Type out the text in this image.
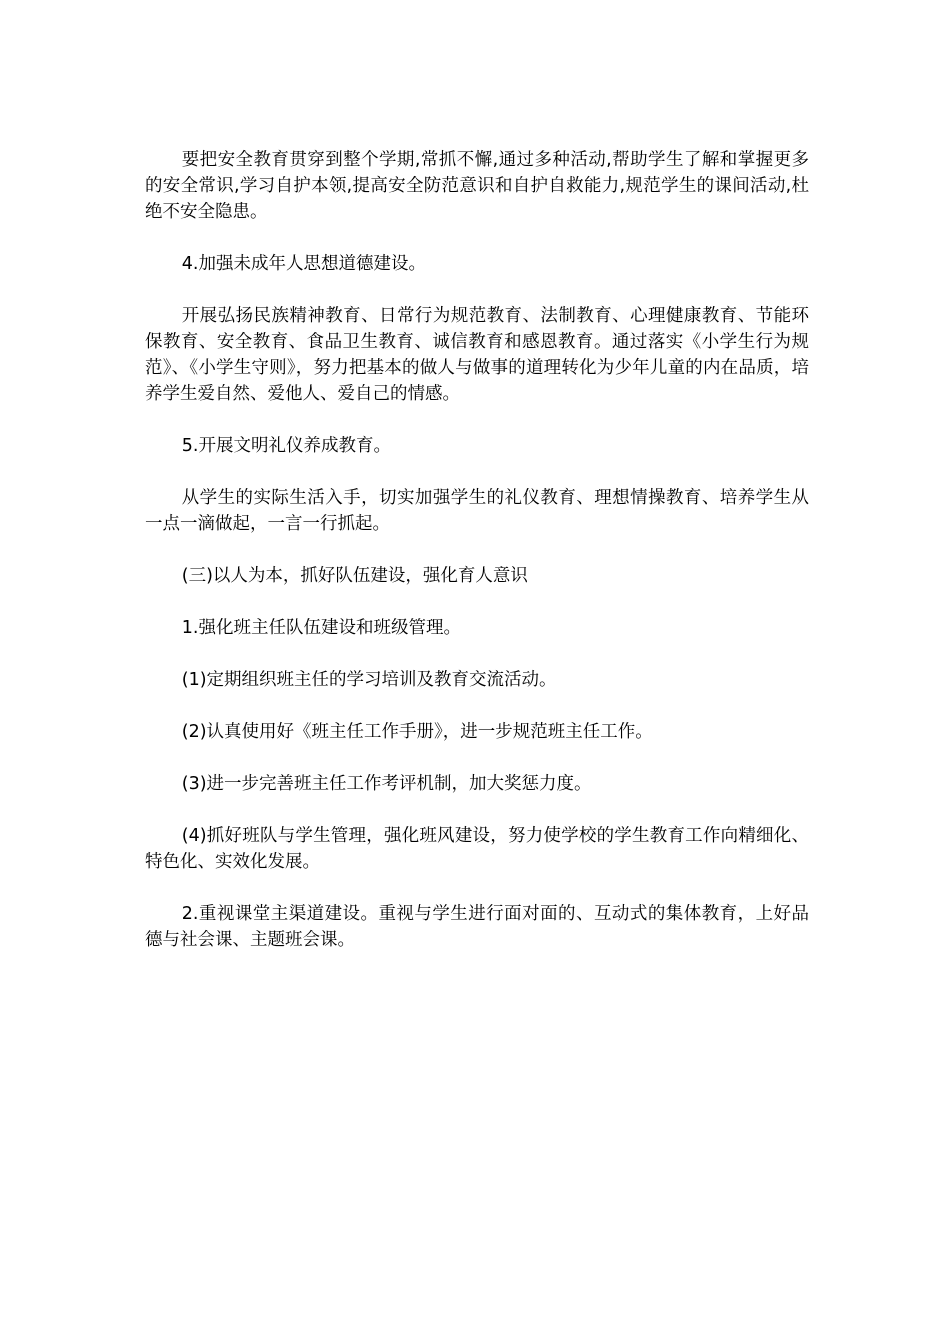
要把安全教育贯穿到整个学期,常抓不懈,通过多种活动,帮助学生了解和掌握更多的安全常识,学习自护本领,提高安全防范意识和自护自救能力,规范学生的课间活动,杜绝不安全隐患。

4.加强未成年人思想道德建设。

开展弘扬民族精神教育、日常行为规范教育、法制教育、心理健康教育、节能环保教育、安全教育、食品卫生教育、诚信教育和感恩教育。通过落实《小学生行为规范》、《小学生守则》，努力把基本的做人与做事的道理转化为少年儿童的内在品质，培养学生爱自然、爱他人、爱自己的情感。

5.开展文明礼仪养成教育。

从学生的实际生活入手，切实加强学生的礼仪教育、理想情操教育、培养学生从一点一滴做起，一言一行抓起。

(三)以人为本，抓好队伍建设，强化育人意识

1.强化班主任队伍建设和班级管理。

(1)定期组织班主任的学习培训及教育交流活动。

(2)认真使用好《班主任工作手册》，进一步规范班主任工作。

(3)进一步完善班主任工作考评机制，加大奖惩力度。

(4)抓好班队与学生管理，强化班风建设，努力使学校的学生教育工作向精细化、特色化、实效化发展。

2.重视课堂主渠道建设。重视与学生进行面对面的、互动式的集体教育，上好品德与社会课、主题班会课。
